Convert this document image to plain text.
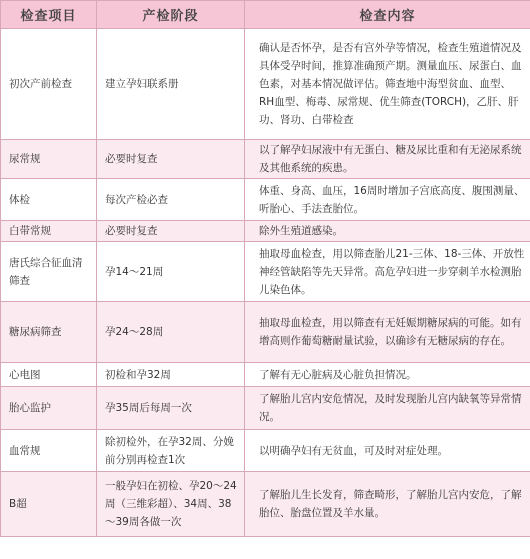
检查项目	产检阶段	检查内容
初次产前检查	建立孕妇联系册	确认是否怀孕，是否有宫外孕等情况，检查生殖道情况及具体受孕时间，推算准确预产期。测量血压、尿蛋白、血色素，对基本情况做评估。筛查地中海型贫血、血型、RH血型、梅毒、尿常规、优生筛查(TORCH)，乙肝、肝功、肾功、白带检查
尿常规	必要时复查	以了解孕妇尿液中有无蛋白、糖及尿比重和有无泌尿系统及其他系统的疾患。
体检	每次产检必查	体重、身高、血压，16周时增加子宫底高度、腹围测量、听胎心、手法查胎位。
白带常规	必要时复查	除外生殖道感染。
唐氏综合征血清筛查	孕14～21周	抽取母血检查，用以筛查胎儿21-三体、18-三体、开放性神经管缺陷等先天异常。高危孕妇进一步穿刺羊水检测胎儿染色体。
糖尿病筛查	孕24～28周	抽取母血检查，用以筛查有无妊娠期糖尿病的可能。如有增高则作葡萄糖耐量试验，以确诊有无糖尿病的存在。
心电图	初检和孕32周	了解有无心脏病及心脏负担情况。
胎心监护	孕35周后每周一次	了解胎儿宫内安危情况，及时发现胎儿宫内缺氧等异常情况。
血常规	除初检外，在孕32周、分娩前分别再检查1次	以明确孕妇有无贫血，可及时对症处理。
B超	一般孕妇在初检、孕20～24周（三维彩超）、34周、38～39周各做一次	了解胎儿生长发育，筛查畸形，了解胎儿宫内安危，了解胎位、胎盘位置及羊水量。
